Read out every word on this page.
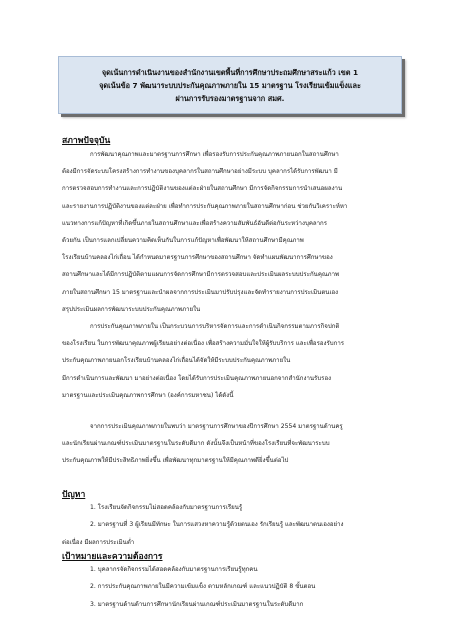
จุดเน้นการดำเนินงานของสำนักงานเขตพื้นที่การศึกษาประถมศึกษาสระแก้ว เขต 1
จุดเน้นข้อ 7 พัฒนาระบบประกันคุณภาพภายใน 15 มาตรฐาน โรงเรียนเข้มแข็งและ
ผ่านการรับรองมาตรฐานจาก สมศ.
สภาพปัจจุบัน
การพัฒนาคุณภาพและมาตรฐานการศึกษา เพื่อรองรับการประกันคุณภาพภายนอกในสถานศึกษา
ต้องมีการจัดระบบโครงสร้างการทำงานของบุคลากรในสถานศึกษาอย่างมีระบบ บุคลากรได้รับการพัฒนา มี
การตรวจสอบการทำงานและการปฏิบัติงานของแต่ละฝ่ายในสถานศึกษา มีการจัดกิจกรรมการนำเสนอผลงาน
และรายงานการปฏิบัติงานของแต่ละฝ่าย เพื่อทำการประกันคุณภาพภายในสถานศึกษาก่อน ช่วยกันวิเคราะห์หา
แนวทางการแก้ปัญหาที่เกิดขึ้นภายในสถานศึกษาและเพื่อสร้างความสัมพันธ์อันดีต่อกันระหว่างบุคลากร
ด้วยกัน เป็นการแลกเปลี่ยนความคิดเห็นกันในการแก้ปัญหาเพื่อพัฒนาให้สถานศึกษามีคุณภาพ
โรงเรียนบ้านคลองไก่เถื่อน ได้กำหนดมาตรฐานการศึกษาของสถานศึกษา จัดทำแผนพัฒนาการศึกษาของ
สถานศึกษาและได้มีการปฏิบัติตามแผนการจัดการศึกษามีการตรวจสอบและประเมินผลระบบประกันคุณภาพ
ภายในสถานศึกษา 15 มาตรฐานและนำผลจากการประเมินมาปรับปรุงและจัดทำรายงานการประเมินตนเอง
สรุปประเมินผลการพัฒนาระบบประกันคุณภาพภายใน
การประกันคุณภาพภายใน เป็นกระบวนการบริหารจัดการและการดำเนินกิจกรรมตามภารกิจปกติ
ของโรงเรียน ในการพัฒนาคุณภาพผู้เรียนอย่างต่อเนื่อง เพื่อสร้างความมั่นใจให้ผู้รับบริการ และเพื่อรองรับการ
ประกันคุณภาพภายนอกโรงเรียนบ้านคลองไก่เถื่อนได้จัดให้มีระบบประกันคุณภาพภายใน
มีการดำเนินการและพัฒนา มาอย่างต่อเนื่อง โดยได้รับการประเมินคุณภาพภายนอกจากสำนักงานรับรอง
มาตรฐานและประเมินคุณภาพการศึกษา (องค์การมหาชน) ได้ดังนี้
จากการประเมินคุณภาพภายในพบว่า มาตรฐานการศึกษาของปีการศึกษา 2554 มาตรฐานด้านครู
และนักเรียนผ่านเกณฑ์ประเมินมาตรฐานในระดับดีมาก ดังนั้นจึงเป็นหน้าที่ของโรงเรียนที่จะพัฒนาระบบ
ประกันคุณภาพให้มีประสิทธิภาพยิ่งขึ้น เพื่อพัฒนาทุกมาตรฐานให้มีคุณภาพดียิ่งขึ้นต่อไป
ปัญหา
1. โรงเรียนจัดกิจกรรมไม่สอดคล้องกับมาตรฐานการเรียนรู้
2. มาตรฐานที่ 3 ผู้เรียนมีทักษะ ในการแสวงหาความรู้ด้วยตนเอง รักเรียนรู้ และพัฒนาตนเองอย่าง
ต่อเนื่อง มีผลการประเมินต่ำ
เป้าหมายและความต้องการ
1. บุคลากรจัดกิจกรรมได้สอดคล้องกับมาตรฐานการเรียนรู้ทุกคน
2. การประกันคุณภาพภายในมีความเข้มแข็ง ตามหลักเกณฑ์ และแนวปฏิบัติ 8 ขั้นตอน
3. มาตรฐานด้านด้านการศึกษานักเรียนผ่านเกณฑ์ประเมินมาตรฐานในระดับดีมาก
